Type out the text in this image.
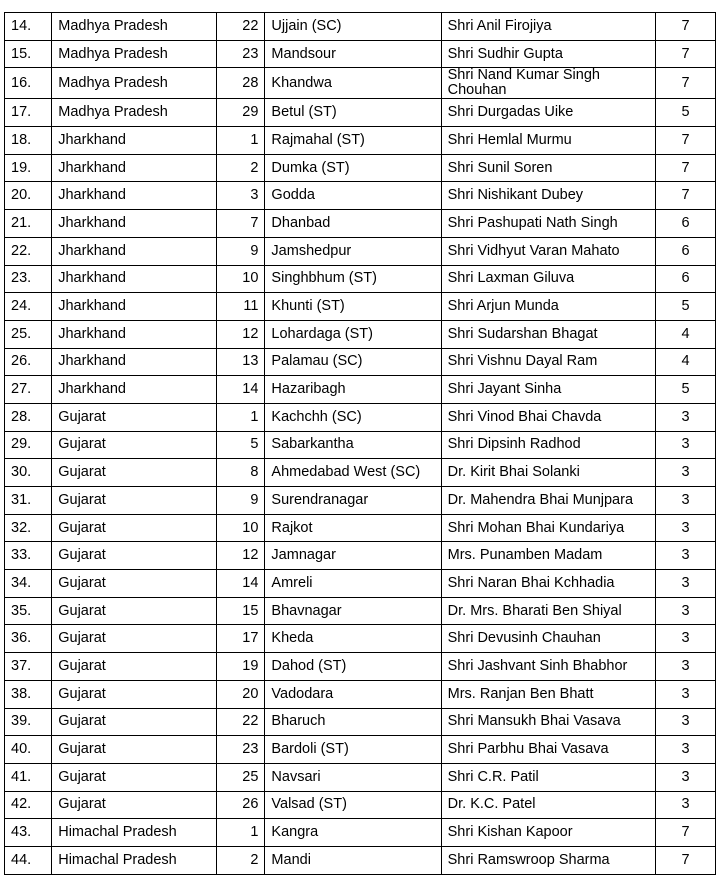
14.	Madhya Pradesh	22	Ujjain (SC)	Shri Anil Firojiya	7
15.	Madhya Pradesh	23	Mandsour	Shri Sudhir Gupta	7
16.	Madhya Pradesh	28	Khandwa	Shri Nand Kumar Singh Chouhan	7
17.	Madhya Pradesh	29	Betul (ST)	Shri Durgadas Uike	5
18.	Jharkhand	1	Rajmahal (ST)	Shri Hemlal Murmu	7
19.	Jharkhand	2	Dumka (ST)	Shri Sunil Soren	7
20.	Jharkhand	3	Godda	Shri Nishikant Dubey	7
21.	Jharkhand	7	Dhanbad	Shri Pashupati Nath Singh	6
22.	Jharkhand	9	Jamshedpur	Shri Vidhyut Varan Mahato	6
23.	Jharkhand	10	Singhbhum (ST)	Shri Laxman Giluva	6
24.	Jharkhand	11	Khunti (ST)	Shri Arjun Munda	5
25.	Jharkhand	12	Lohardaga (ST)	Shri Sudarshan Bhagat	4
26.	Jharkhand	13	Palamau (SC)	Shri Vishnu Dayal Ram	4
27.	Jharkhand	14	Hazaribagh	Shri Jayant Sinha	5
28.	Gujarat	1	Kachchh (SC)	Shri Vinod Bhai Chavda	3
29.	Gujarat	5	Sabarkantha	Shri Dipsinh Radhod	3
30.	Gujarat	8	Ahmedabad West (SC)	Dr. Kirit Bhai Solanki	3
31.	Gujarat	9	Surendranagar	Dr. Mahendra Bhai Munjpara	3
32.	Gujarat	10	Rajkot	Shri Mohan Bhai Kundariya	3
33.	Gujarat	12	Jamnagar	Mrs. Punamben Madam	3
34.	Gujarat	14	Amreli	Shri Naran Bhai Kchhadia	3
35.	Gujarat	15	Bhavnagar	Dr. Mrs. Bharati Ben Shiyal	3
36.	Gujarat	17	Kheda	Shri Devusinh Chauhan	3
37.	Gujarat	19	Dahod (ST)	Shri Jashvant Sinh Bhabhor	3
38.	Gujarat	20	Vadodara	Mrs. Ranjan Ben Bhatt	3
39.	Gujarat	22	Bharuch	Shri Mansukh Bhai Vasava	3
40.	Gujarat	23	Bardoli (ST)	Shri Parbhu Bhai Vasava	3
41.	Gujarat	25	Navsari	Shri C.R. Patil	3
42.	Gujarat	26	Valsad (ST)	Dr. K.C. Patel	3
43.	Himachal Pradesh	1	Kangra	Shri Kishan Kapoor	7
44.	Himachal Pradesh	2	Mandi	Shri Ramswroop Sharma	7
